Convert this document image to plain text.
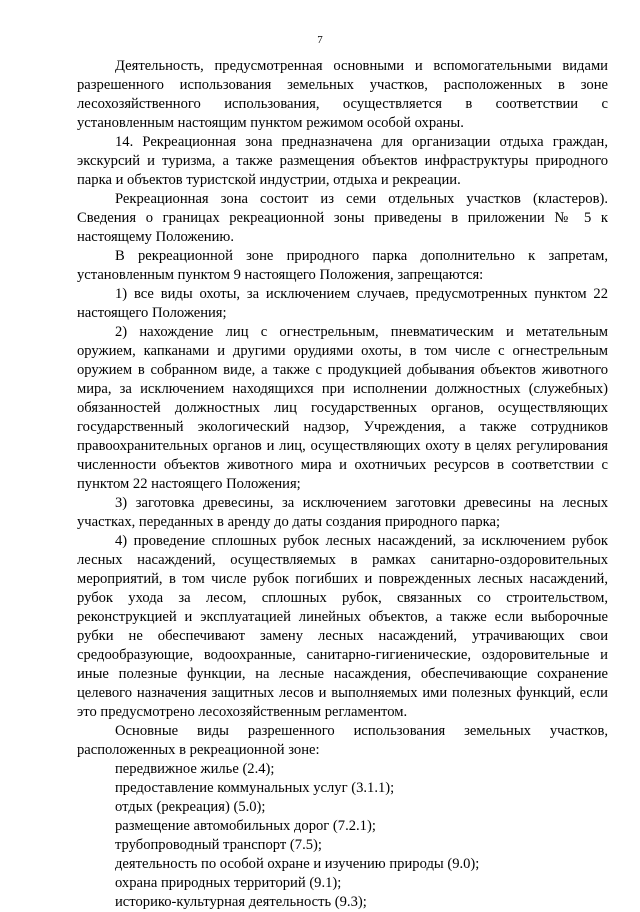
7

Деятельность, предусмотренная основными и вспомогательными видами разрешенного использования земельных участков, расположенных в зоне лесохозяйственного использования, осуществляется в соответствии с установленным настоящим пунктом режимом особой охраны.

14. Рекреационная зона предназначена для организации отдыха граждан, экскурсий и туризма, а также размещения объектов инфраструктуры природного парка и объектов туристской индустрии, отдыха и рекреации.

Рекреационная зона состоит из семи отдельных участков (кластеров). Сведения о границах рекреационной зоны приведены в приложении № 5 к настоящему Положению.

В рекреационной зоне природного парка дополнительно к запретам, установленным пунктом 9 настоящего Положения, запрещаются:

1) все виды охоты, за исключением случаев, предусмотренных пунктом 22 настоящего Положения;

2) нахождение лиц с огнестрельным, пневматическим и метательным оружием, капканами и другими орудиями охоты, в том числе с огнестрельным оружием в собранном виде, а также с продукцией добывания объектов животного мира, за исключением находящихся при исполнении должностных (служебных) обязанностей должностных лиц государственных органов, осуществляющих государственный экологический надзор, Учреждения, а также сотрудников правоохранительных органов и лиц, осуществляющих охоту в целях регулирования численности объектов животного мира и охотничьих ресурсов в соответствии с пунктом 22 настоящего Положения;

3) заготовка древесины, за исключением заготовки древесины на лесных участках, переданных в аренду до даты создания природного парка;

4) проведение сплошных рубок лесных насаждений, за исключением рубок лесных насаждений, осуществляемых в рамках санитарно-оздоровительных мероприятий, в том числе рубок погибших и поврежденных лесных насаждений, рубок ухода за лесом, сплошных рубок, связанных со строительством, реконструкцией и эксплуатацией линейных объектов, а также если выборочные рубки не обеспечивают замену лесных насаждений, утрачивающих свои средообразующие, водоохранные, санитарно-гигиенические, оздоровительные и иные полезные функции, на лесные насаждения, обеспечивающие сохранение целевого назначения защитных лесов и выполняемых ими полезных функций, если это предусмотрено лесохозяйственным регламентом.

Основные виды разрешенного использования земельных участков, расположенных в рекреационной зоне:

передвижное жилье (2.4);

предоставление коммунальных услуг (3.1.1);

отдых (рекреация) (5.0);

размещение автомобильных дорог (7.2.1);

трубопроводный транспорт (7.5);

деятельность по особой охране и изучению природы (9.0);

охрана природных территорий (9.1);

историко-культурная деятельность (9.3);
